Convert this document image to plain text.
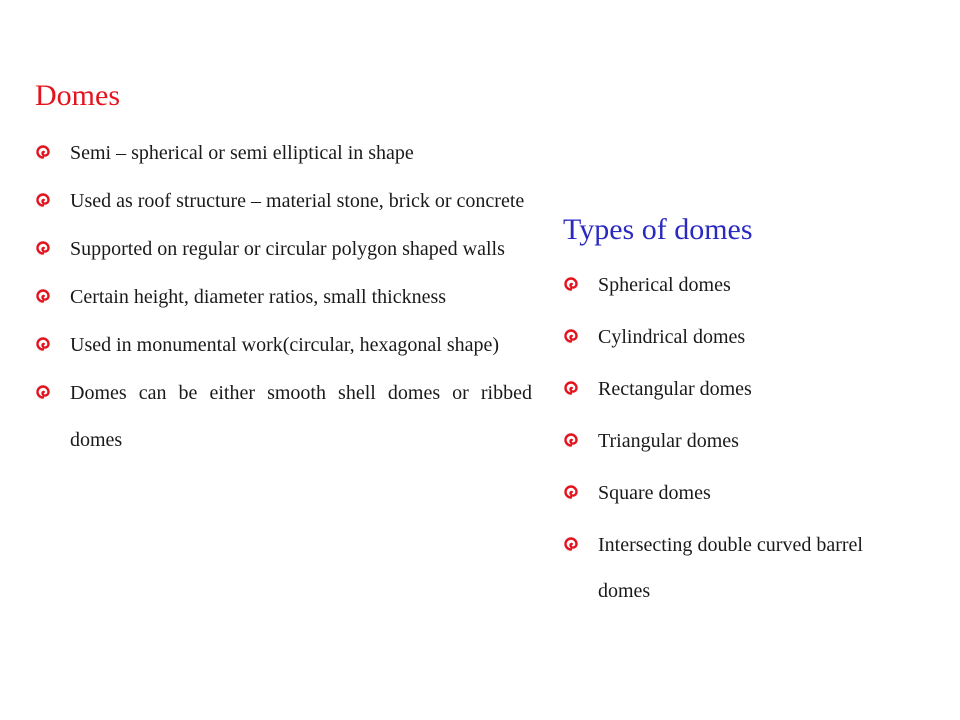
Domes
Semi – spherical or semi elliptical in shape
Used as roof structure – material stone, brick or concrete
Supported on regular or circular polygon shaped walls
Certain height, diameter ratios, small thickness
Used in monumental work(circular, hexagonal shape)
Domes can be either smooth shell domes or ribbed domes
Types of domes
Spherical domes
Cylindrical domes
Rectangular domes
Triangular domes
Square domes
Intersecting double curved barrel domes
